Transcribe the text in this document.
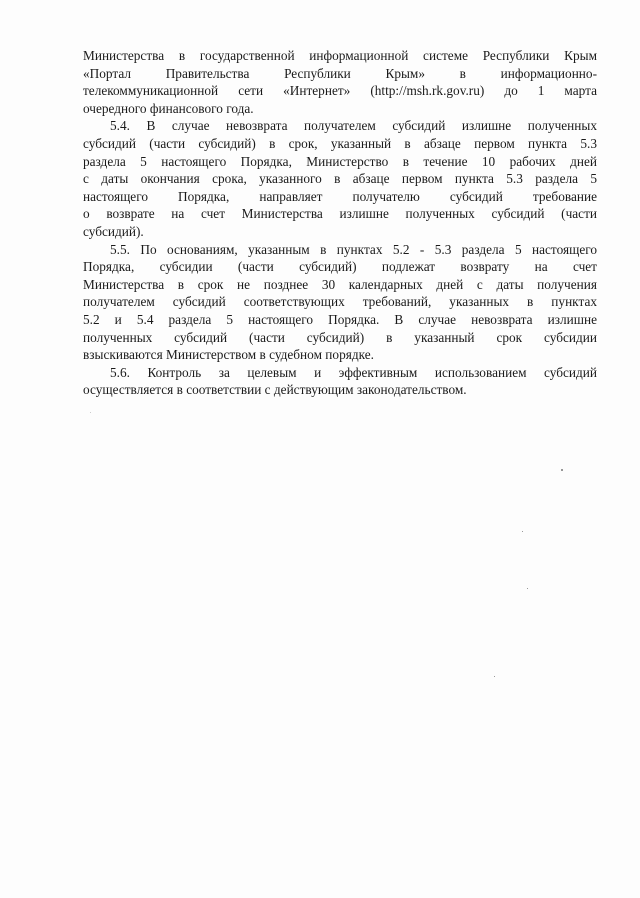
Министерства в государственной информационной системе Республики Крым
«Портал Правительства Республики Крым» в информационно-
телекоммуникационной сети «Интернет» (http://msh.rk.gov.ru) до 1 марта
очередного финансового года.

5.4. В случае невозврата получателем субсидий излишне полученных
субсидий (части субсидий) в срок, указанный в абзаце первом пункта 5.3
раздела 5 настоящего Порядка, Министерство в течение 10 рабочих дней
с даты окончания срока, указанного в абзаце первом пункта 5.3 раздела 5
настоящего Порядка, направляет получателю субсидий требование
о возврате на счет Министерства излишне полученных субсидий (части
субсидий).

5.5. По основаниям, указанным в пунктах 5.2 - 5.3 раздела 5 настоящего
Порядка, субсидии (части субсидий) подлежат возврату на счет
Министерства в срок не позднее 30 календарных дней с даты получения
получателем субсидий соответствующих требований, указанных в пунктах
5.2 и 5.4 раздела 5 настоящего Порядка. В случае невозврата излишне
полученных субсидий (части субсидий) в указанный срок субсидии
взыскиваются Министерством в судебном порядке.

5.6. Контроль за целевым и эффективным использованием субсидий
осуществляется в соответствии с действующим законодательством.
